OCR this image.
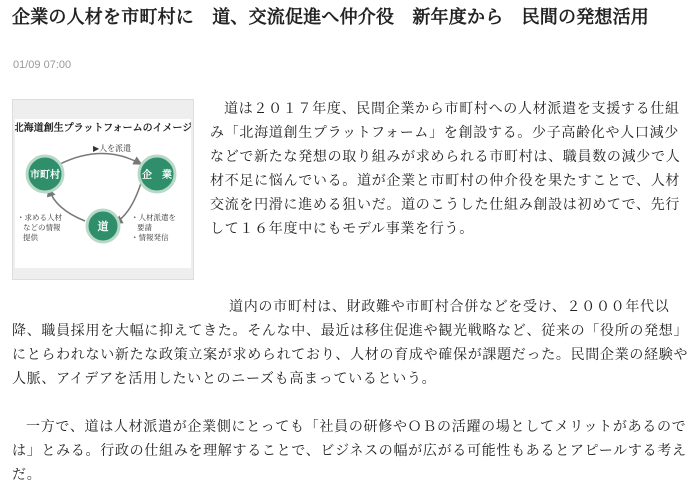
企業の人材を市町村に　道、交流促進へ仲介役　新年度から　民間の発想活用
01/09 07:00
北海道創生プラットフォームのイメージ
▶人を派遣
市町村	企　業
道
・求める人材
などの情報
提供
・人材派遣を
要請
・情報発信

道は２０１７年度、民間企業から市町村への人材派遣を支援する仕組み「北海道創生プラットフォーム」を創設する。少子高齢化や人口減少などで新たな発想の取り組みが求められる市町村は、職員数の減少で人材不足に悩んでいる。道が企業と市町村の仲介役を果たすことで、人材交流を円滑に進める狙いだ。道のこうした仕組み創設は初めてで、先行して１６年度中にもモデル事業を行う。

道内の市町村は、財政難や市町村合併などを受け、２０００年代以降、職員採用を大幅に抑えてきた。そんな中、最近は移住促進や観光戦略など、従来の「役所の発想」にとらわれない新たな政策立案が求められており、人材の育成や確保が課題だった。民間企業の経験や人脈、アイデアを活用したいとのニーズも高まっているという。

一方で、道は人材派遣が企業側にとっても「社員の研修やＯＢの活躍の場としてメリットがあるのでは」とみる。行政の仕組みを理解することで、ビジネスの幅が広がる可能性もあるとアピールする考えだ。
